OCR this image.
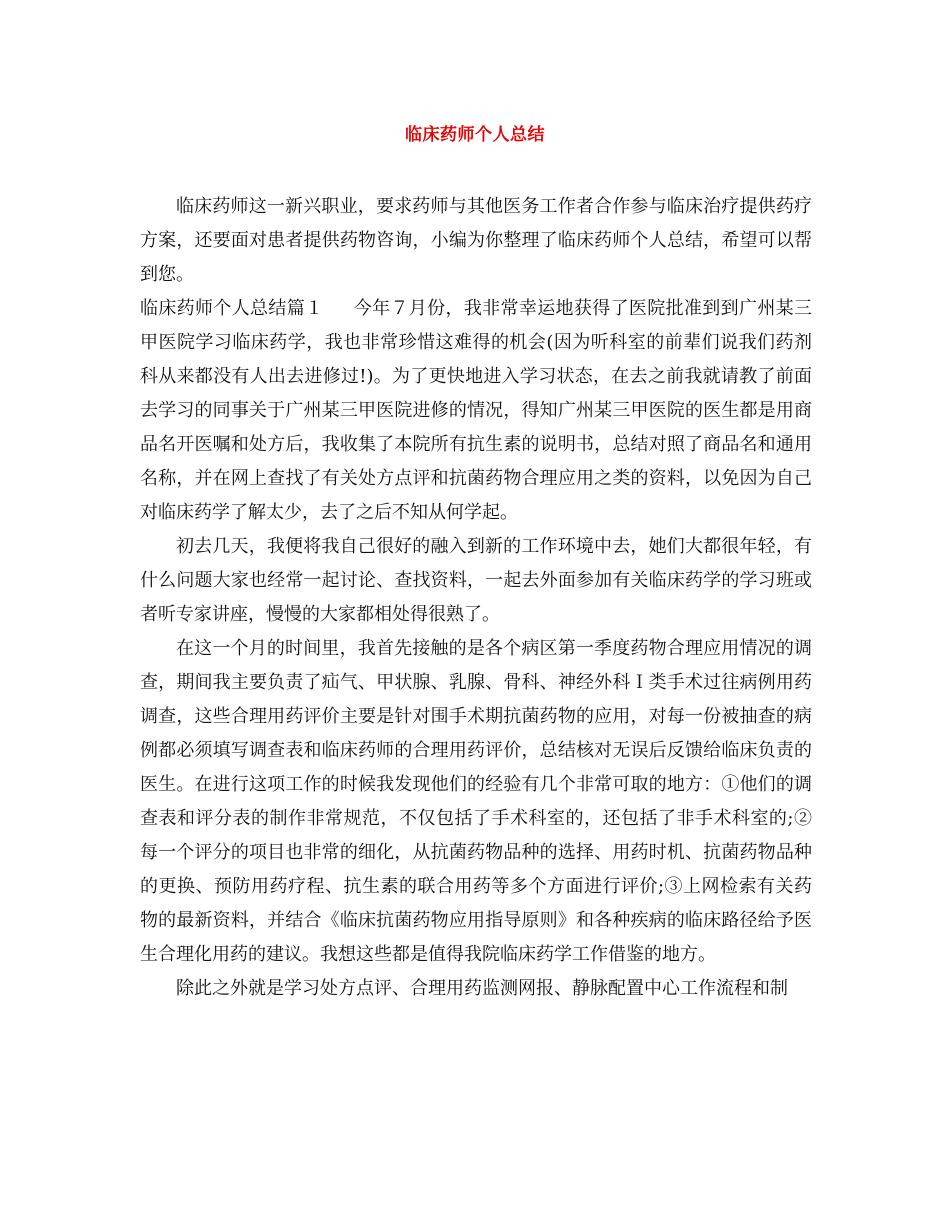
临床药师个人总结

临床药师这一新兴职业，要求药师与其他医务工作者合作参与临床治疗提供药疗方案，还要面对患者提供药物咨询，小编为你整理了临床药师个人总结，希望可以帮到您。

临床药师个人总结篇１ 今年７月份，我非常幸运地获得了医院批准到到广州某三甲医院学习临床药学，我也非常珍惜这难得的机会(因为听科室的前辈们说我们药剂科从来都没有人出去进修过!)。为了更快地进入学习状态，在去之前我就请教了前面去学习的同事关于广州某三甲医院进修的情况，得知广州某三甲医院的医生都是用商品名开医嘱和处方后，我收集了本院所有抗生素的说明书，总结对照了商品名和通用名称，并在网上查找了有关处方点评和抗菌药物合理应用之类的资料，以免因为自己对临床药学了解太少，去了之后不知从何学起。

初去几天，我便将我自己很好的融入到新的工作环境中去，她们大都很年轻，有什么问题大家也经常一起讨论、查找资料，一起去外面参加有关临床药学的学习班或者听专家讲座，慢慢的大家都相处得很熟了。

在这一个月的时间里，我首先接触的是各个病区第一季度药物合理应用情况的调查，期间我主要负责了疝气、甲状腺、乳腺、骨科、神经外科Ｉ类手术过往病例用药调查，这些合理用药评价主要是针对围手术期抗菌药物的应用，对每一份被抽查的病例都必须填写调查表和临床药师的合理用药评价，总结核对无误后反馈给临床负责的医生。在进行这项工作的时候我发现他们的经验有几个非常可取的地方：①他们的调查表和评分表的制作非常规范，不仅包括了手术科室的，还包括了非手术科室的;② 每一个评分的项目也非常的细化，从抗菌药物品种的选择、用药时机、抗菌药物品种的更换、预防用药疗程、抗生素的联合用药等多个方面进行评价;③上网检索有关药物的最新资料，并结合《临床抗菌药物应用指导原则》和各种疾病的临床路径给予医生合理化用药的建议。我想这些都是值得我院临床药学工作借鉴的地方。

除此之外就是学习处方点评、合理用药监测网报、静脉配置中心工作流程和制
